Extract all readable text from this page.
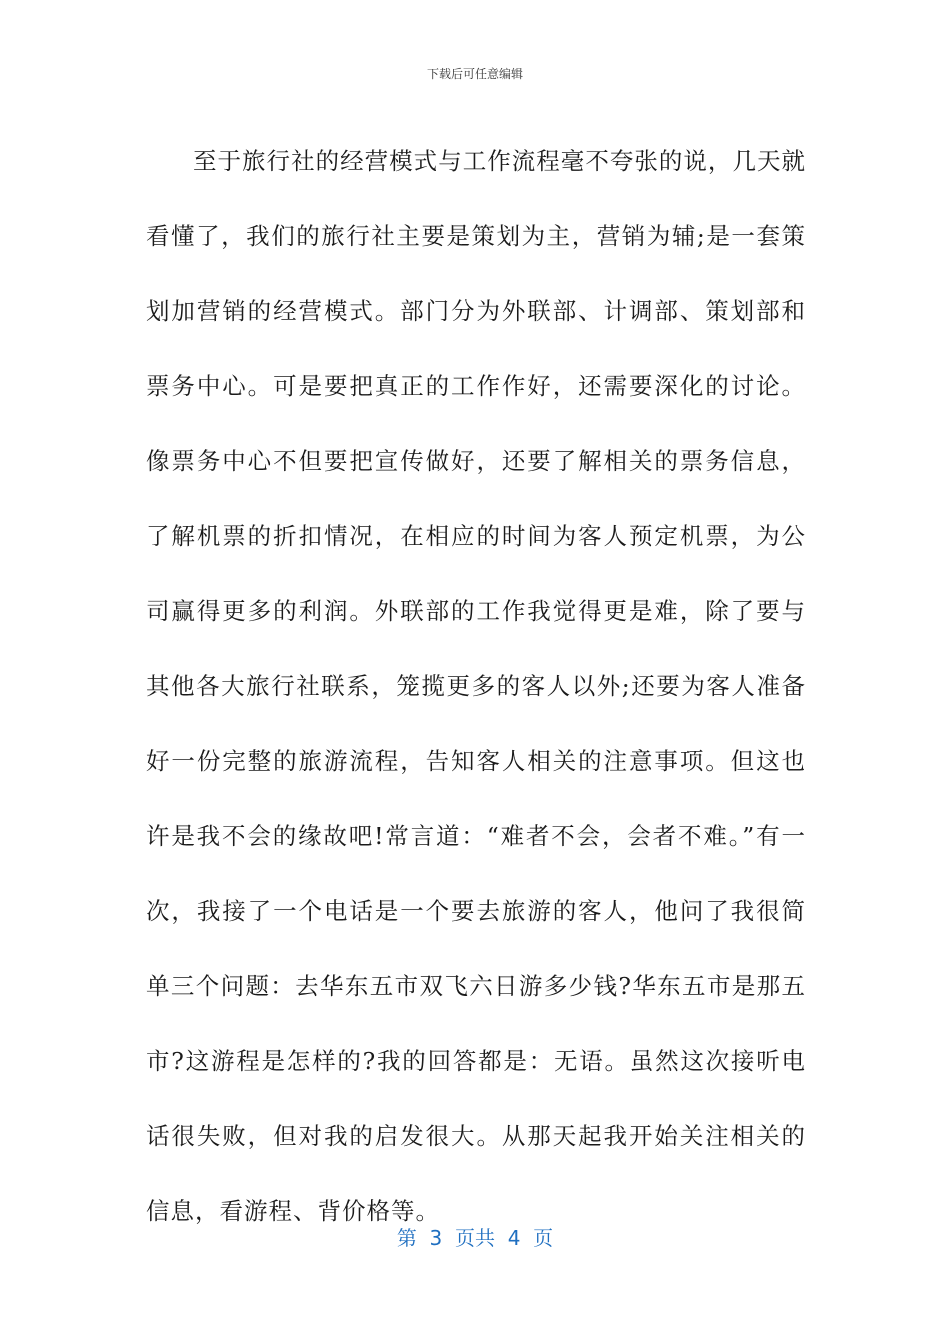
下载后可任意编辑

至于旅行社的经营模式与工作流程毫不夸张的说，几天就看懂了，我们的旅行社主要是策划为主，营销为辅;是一套策划加营销的经营模式。部门分为外联部、计调部、策划部和票务中心。可是要把真正的工作作好，还需要深化的讨论。像票务中心不但要把宣传做好，还要了解相关的票务信息，了解机票的折扣情况，在相应的时间为客人预定机票，为公司赢得更多的利润。外联部的工作我觉得更是难，除了要与其他各大旅行社联系，笼揽更多的客人以外;还要为客人准备好一份完整的旅游流程，告知客人相关的注意事项。但这也许是我不会的缘故吧!常言道：“难者不会，会者不难。”有一次，我接了一个电话是一个要去旅游的客人，他问了我很简单三个问题：去华东五市双飞六日游多少钱?华东五市是那五市?这游程是怎样的?我的回答都是：无语。虽然这次接听电话很失败，但对我的启发很大。从那天起我开始关注相关的信息，看游程、背价格等。

第  3  页共  4  页
